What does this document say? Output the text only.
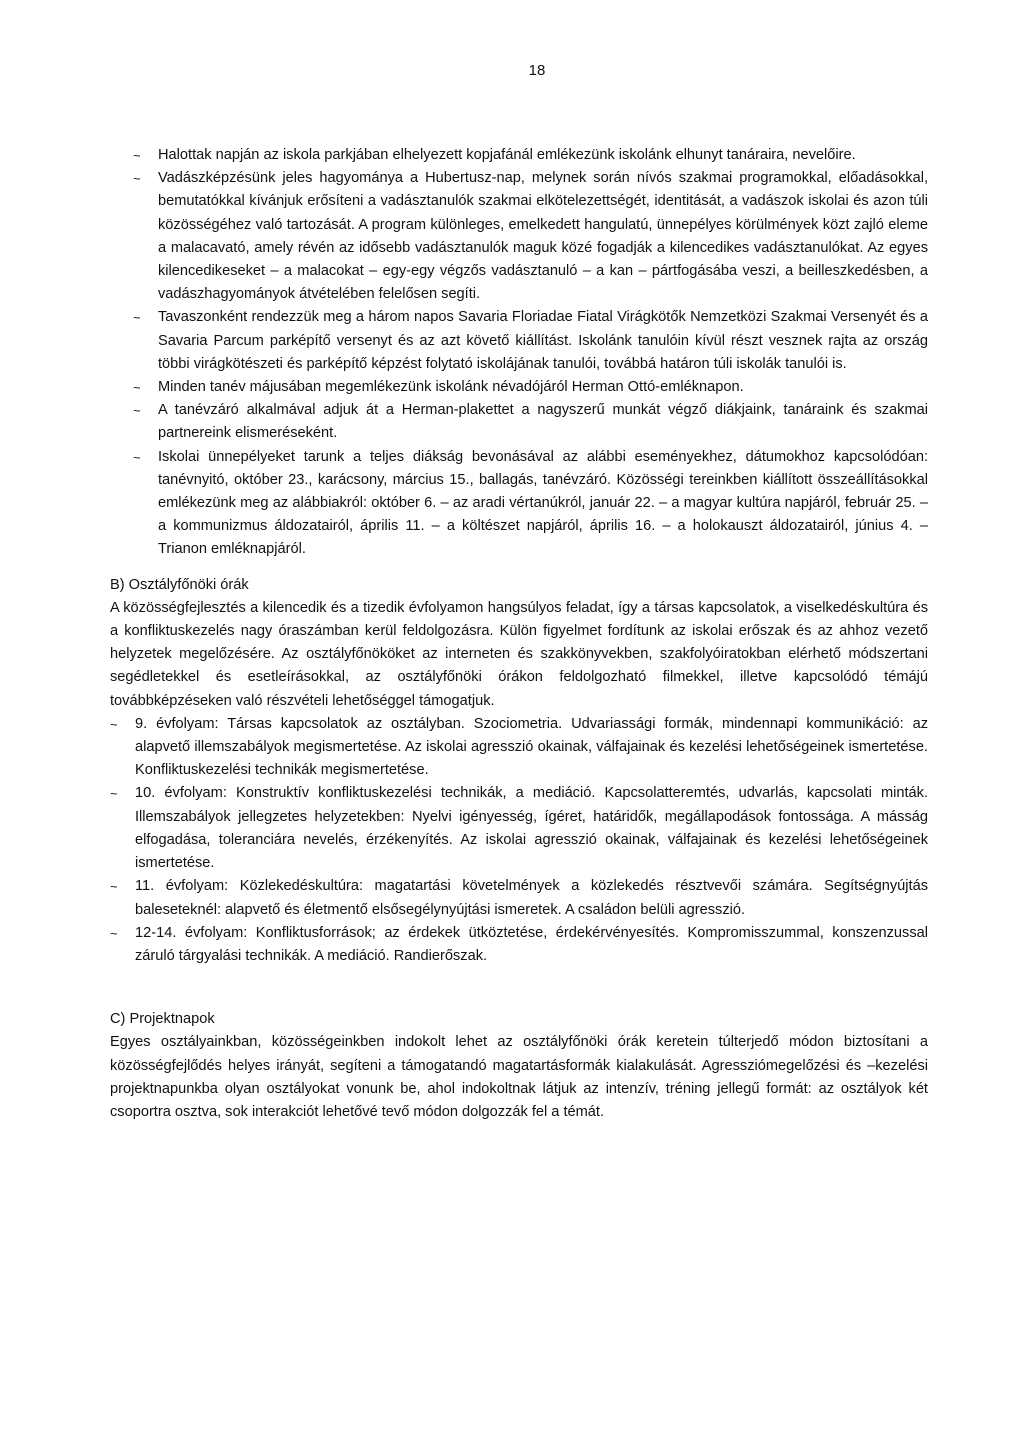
18
~ Halottak napján az iskola parkjában elhelyezett kopjafánál emlékezünk iskolánk elhunyt tanáraira, nevelőire.
~ Vadászképzésünk jeles hagyománya a Hubertusz-nap, melynek során nívós szakmai programokkal, előadásokkal, bemutatókkal kívánjuk erősíteni a vadásztanulók szakmai elkötelezettségét, identitását, a vadászok iskolai és azon túli közösségéhez való tartozását. A program különleges, emelkedett hangulatú, ünnepélyes körülmények közt zajló eleme a malacavató, amely révén az idősebb vadásztanulók maguk közé fogadják a kilencedikes vadásztanulókat. Az egyes kilencedikeseket – a malacokat – egy-egy végzős vadásztanuló – a kan – pártfogásába veszi, a beilleszkedésben, a vadászhagyományok átvételében felelősen segíti.
~ Tavaszonként rendezzük meg a három napos Savaria Floriadae Fiatal Virágkötők Nemzetközi Szakmai Versenyét és a Savaria Parcum parképítő versenyt és az azt követő kiállítást. Iskolánk tanulóin kívül részt vesznek rajta az ország többi virágkötészeti és parképítő képzést folytató iskolájának tanulói, továbbá határon túli iskolák tanulói is.
~ Minden tanév májusában megemlékezünk iskolánk névadójáról Herman Ottó-emléknapon.
~ A tanévzáró alkalmával adjuk át a Herman-plakettet a nagyszerű munkát végző diákjaink, tanáraink és szakmai partnereink elismeréseként.
~ Iskolai ünnepélyeket tarunk a teljes diákság bevonásával az alábbi eseményekhez, dátumokhoz kapcsolódóan: tanévnyitó, október 23., karácsony, március 15., ballagás, tanévzáró. Közösségi tereinkben kiállított összeállításokkal emlékezünk meg az alábbiakról: október 6. – az aradi vértanúkról, január 22. – a magyar kultúra napjáról, február 25. – a kommunizmus áldozatairól, április 11. – a költészet napjáról, április 16. – a holokauszt áldozatairól, június 4. – Trianon emléknapjáról.
B) Osztályfőnöki órák

A közösségfejlesztés a kilencedik és a tizedik évfolyamon hangsúlyos feladat, így a társas kapcsolatok, a viselkedéskultúra és a konfliktuskezelés nagy óraszámban kerül feldolgozásra. Külön figyelmet fordítunk az iskolai erőszak és az ahhoz vezető helyzetek megelőzésére. Az osztályfőnököket az interneten és szakkönyvekben, szakfolyóiratokban elérhető módszertani segédletekkel és esetleírásokkal, az osztályfőnöki órákon feldolgozható filmekkel, illetve kapcsolódó témájú továbbképzéseken való részvételi lehetőséggel támogatjuk.

~ 9. évfolyam: Társas kapcsolatok az osztályban. Szociometria. Udvariassági formák, mindennapi kommunikáció: az alapvető illemszabályok megismertetése. Az iskolai agresszió okainak, válfajainak és kezelési lehetőségeinek ismertetése. Konfliktuskezelési technikák megismertetése.
~ 10. évfolyam: Konstruktív konfliktuskezelési technikák, a mediáció. Kapcsolatteremtés, udvarlás, kapcsolati minták. Illemszabályok jellegzetes helyzetekben: Nyelvi igényesség, ígéret, határidők, megállapodások fontossága. A másság elfogadása, toleranciára nevelés, érzékenyítés. Az iskolai agresszió okainak, válfajainak és kezelési lehetőségeinek ismertetése.
~ 11. évfolyam: Közlekedéskultúra: magatartási követelmények a közlekedés résztvevői számára. Segítségnyújtás baleseteknél: alapvető és életmentő elsősegélynyújtási ismeretek. A családon belüli agresszió.
~ 12-14. évfolyam: Konfliktusforrások; az érdekek ütköztetése, érdekérvényesítés. Kompromisszummal, konszenzussal záruló tárgyalási technikák. A mediáció. Randierőszak.
C) Projektnapok

Egyes osztályainkban, közösségeinkben indokolt lehet az osztályfőnöki órák keretein túlterjedő módon biztosítani a közösségfejlődés helyes irányát, segíteni a támogatandó magatartásformák kialakulását. Agressziómegelőzési és –kezelési projektnapunkba olyan osztályokat vonunk be, ahol indokoltnak látjuk az intenzív, tréning jellegű formát: az osztályok két csoportra osztva, sok interakciót lehetővé tevő módon dolgozzák fel a témát.
